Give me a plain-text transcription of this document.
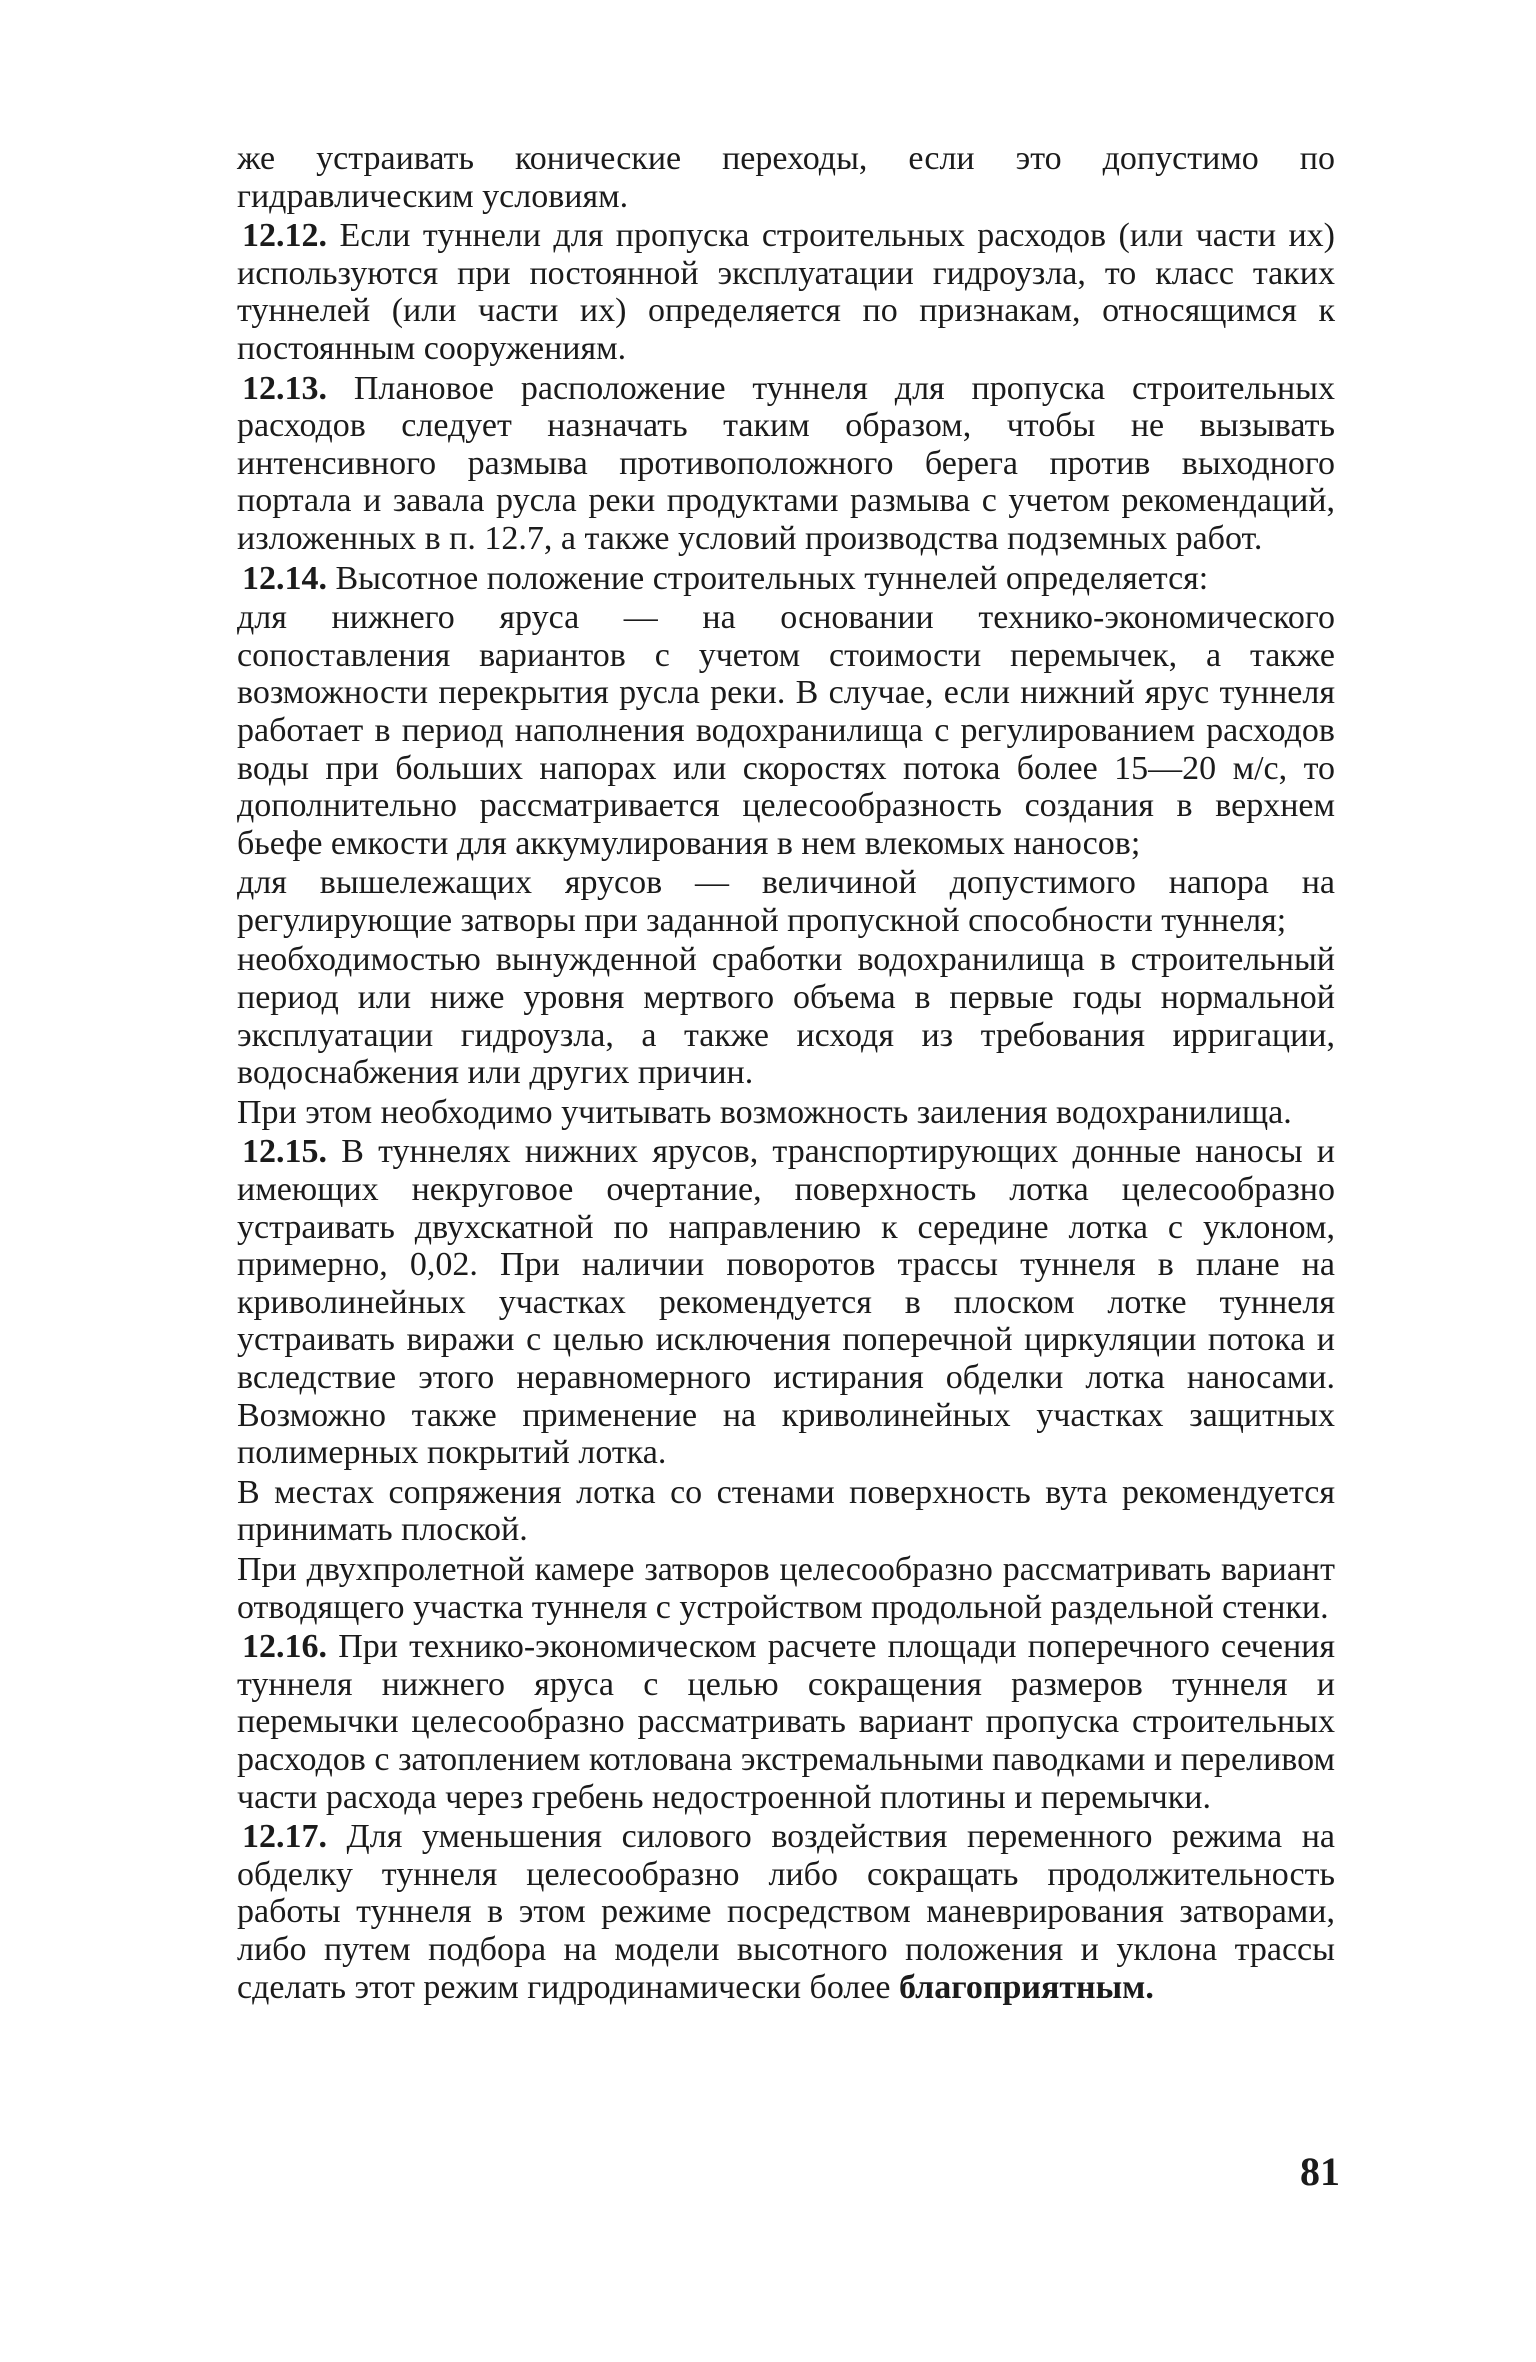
же устраивать конические переходы, если это допустимо по гидравлическим условиям.

12.12. Если туннели для пропуска строительных расходов (или части их) используются при постоянной эксплуатации гидроузла, то класс таких туннелей (или части их) определяется по признакам, относящимся к постоянным сооружениям.

12.13. Плановое расположение туннеля для пропуска строительных расходов следует назначать таким образом, чтобы не вызывать интенсивного размыва противоположного берега против выходного портала и завала русла реки продуктами размыва с учетом рекомендаций, изложенных в п. 12.7, а также условий производства подземных работ.

12.14. Высотное положение строительных туннелей определяется:

для нижнего яруса — на основании технико-экономического сопоставления вариантов с учетом стоимости перемычек, а также возможности перекрытия русла реки. В случае, если нижний ярус туннеля работает в период наполнения водохранилища с регулированием расходов воды при больших напорах или скоростях потока более 15—20 м/с, то дополнительно рассматривается целесообразность создания в верхнем бьефе емкости для аккумулирования в нем влекомых наносов;

для вышележащих ярусов — величиной допустимого напора на регулирующие затворы при заданной пропускной способности туннеля;

необходимостью вынужденной сработки водохранилища в строительный период или ниже уровня мертвого объема в первые годы нормальной эксплуатации гидроузла, а также исходя из требования ирригации, водоснабжения или других причин.

При этом необходимо учитывать возможность заиления водохранилища.

12.15. В туннелях нижних ярусов, транспортирующих донные наносы и имеющих некруговое очертание, поверхность лотка целесообразно устраивать двухскатной по направлению к середине лотка с уклоном, примерно, 0,02. При наличии поворотов трассы туннеля в плане на криволинейных участках рекомендуется в плоском лотке туннеля устраивать виражи с целью исключения поперечной циркуляции потока и вследствие этого неравномерного истирания обделки лотка наносами. Возможно также применение на криволинейных участках защитных полимерных покрытий лотка.

В местах сопряжения лотка со стенами поверхность вута рекомендуется принимать плоской.

При двухпролетной камере затворов целесообразно рассматривать вариант отводящего участка туннеля с устройством продольной раздельной стенки.

12.16. При технико-экономическом расчете площади поперечного сечения туннеля нижнего яруса с целью сокращения размеров туннеля и перемычки целесообразно рассматривать вариант пропуска строительных расходов с затоплением котлована экстремальными паводками и переливом части расхода через гребень недостроенной плотины и перемычки.

12.17. Для уменьшения силового воздействия переменного режима на обделку туннеля целесообразно либо сокращать продолжительность работы туннеля в этом режиме посредством маневрирования затворами, либо путем подбора на модели высотного положения и уклона трассы сделать этот режим гидродинамически более благоприятным.

81
